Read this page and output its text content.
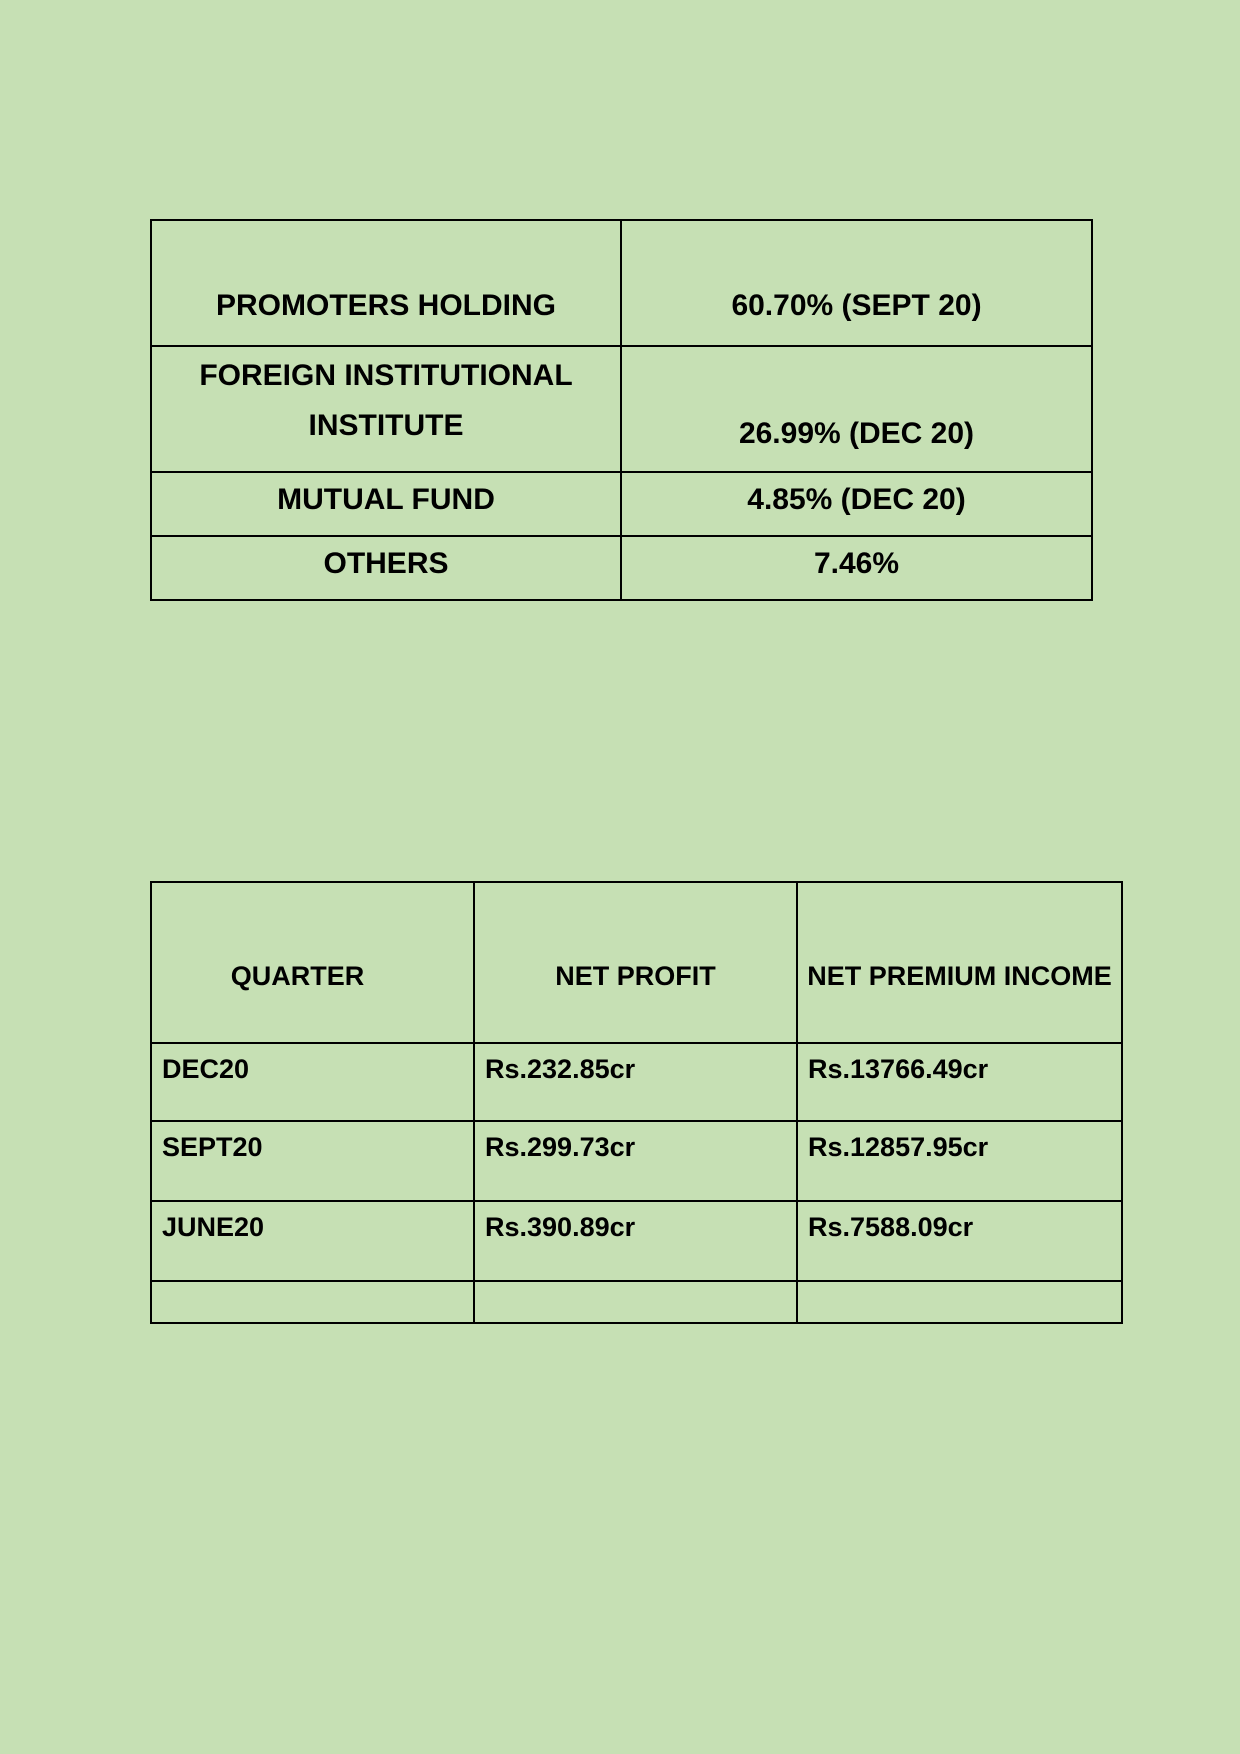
PROMOTERS HOLDING	60.70% (SEPT 20)
FOREIGN INSTITUTIONAL INSTITUTE	26.99% (DEC 20)
MUTUAL FUND	4.85% (DEC 20)
OTHERS	7.46%
QUARTER	NET PROFIT	NET PREMIUM INCOME
DEC20	Rs.232.85cr	Rs.13766.49cr
SEPT20	Rs.299.73cr	Rs.12857.95cr
JUNE20	Rs.390.89cr	Rs.7588.09cr
